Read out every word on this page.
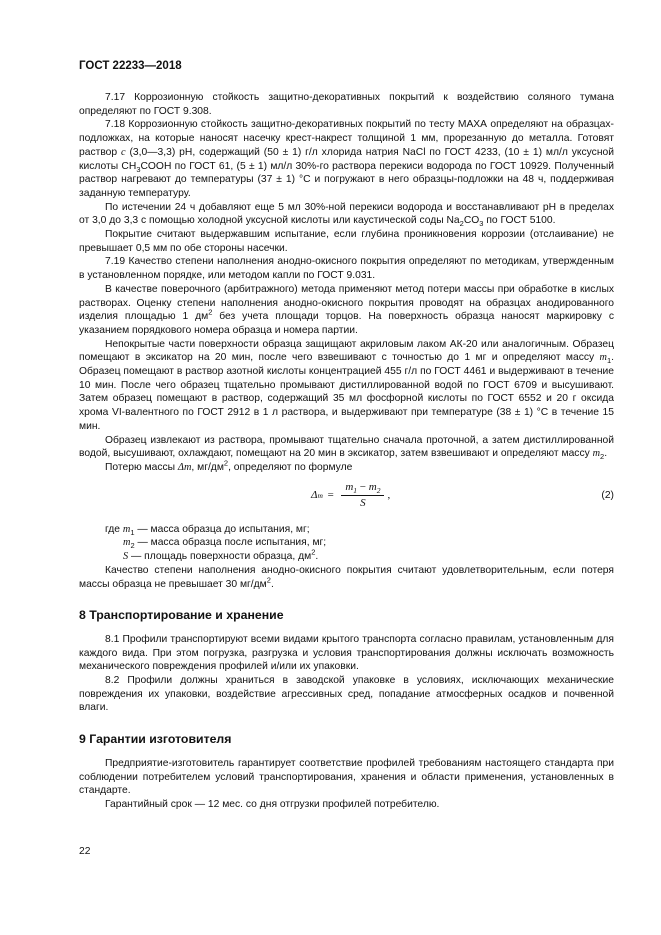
ГОСТ 22233—2018

7.17 Коррозионную стойкость защитно-декоративных покрытий к воздействию соляного тумана определяют по ГОСТ 9.308.

7.18 Коррозионную стойкость защитно-декоративных покрытий по тесту МАХА определяют на образцах-подложках, на которые наносят насечку крест-накрест толщиной 1 мм, прорезанную до металла. Готовят раствор c (3,0—3,3) рН, содержащий (50 ± 1) г/л хлорида натрия NaCl по ГОСТ 4233, (10 ± 1) мл/л уксусной кислоты $CH_3COOH$ по ГОСТ 61, (5 ± 1) мл/л 30%-го раствора перекиси водорода по ГОСТ 10929. Полученный раствор нагревают до температуры (37 ± 1) °С и погружают в него образцы-подложки на 48 ч, поддерживая заданную температуру.

По истечении 24 ч добавляют еще 5 мл 30%-ной перекиси водорода и восстанавливают рН в пределах от 3,0 до 3,3 с помощью холодной уксусной кислоты или каустической соды $Na_2CO_3$ по ГОСТ 5100.

Покрытие считают выдержавшим испытание, если глубина проникновения коррозии (отслаивание) не превышает 0,5 мм по обе стороны насечки.

7.19 Качество степени наполнения анодно-окисного покрытия определяют по методикам, утвержденным в установленном порядке, или методом капли по ГОСТ 9.031.

В качестве поверочного (арбитражного) метода применяют метод потери массы при обработке в кислых растворах. Оценку степени наполнения анодно-окисного покрытия проводят на образцах анодированного изделия площадью 1 $дм^2$ без учета площади торцов. На поверхность образца наносят маркировку с указанием порядкового номера образца и номера партии.

Непокрытые части поверхности образца защищают акриловым лаком АК-20 или аналогичным. Образец помещают в эксикатор на 20 мин, после чего взвешивают с точностью до 1 мг и определяют массу $m_1$. Образец помещают в раствор азотной кислоты концентрацией 455 г/л по ГОСТ 4461 и выдерживают в течение 10 мин. После чего образец тщательно промывают дистиллированной водой по ГОСТ 6709 и высушивают. Затем образец помещают в раствор, содержащий 35 мл фосфорной кислоты по ГОСТ 6552 и 20 г оксида хрома VI-валентного по ГОСТ 2912 в 1 л раствора, и выдерживают при температуре (38 ± 1) °С в течение 15 мин.

Образец извлекают из раствора, промывают тщательно сначала проточной, а затем дистиллированной водой, высушивают, охлаждают, помещают на 20 мин в эксикатор, затем взвешивают и определяют массу $m_2$.

Потерю массы Δm, $мг/дм^2$, определяют по формуле

Δ $m = \frac{m_1 - m_2}{S}$ ,	(2)

где $m_1$ — масса образца до испытания, мг;

$m_2$ — масса образца после испытания, мг;

S — площадь поверхности образца, $дм^2$.

Качество степени наполнения анодно-окисного покрытия считают удовлетворительным, если потеря массы образца не превышает 30 $мг/дм^2$.

8 Транспортирование и хранение

8.1 Профили транспортируют всеми видами крытого транспорта согласно правилам, установленным для каждого вида. При этом погрузка, разгрузка и условия транспортирования должны исключать возможность механического повреждения профилей и/или их упаковки.

8.2 Профили должны храниться в заводской упаковке в условиях, исключающих механические повреждения их упаковки, воздействие агрессивных сред, попадание атмосферных осадков и почвенной влаги.

9 Гарантии изготовителя

Предприятие-изготовитель гарантирует соответствие профилей требованиям настоящего стандарта при соблюдении потребителем условий транспортирования, хранения и области применения, установленных в стандарте.

Гарантийный срок — 12 мес. со дня отгрузки профилей потребителю.

22
